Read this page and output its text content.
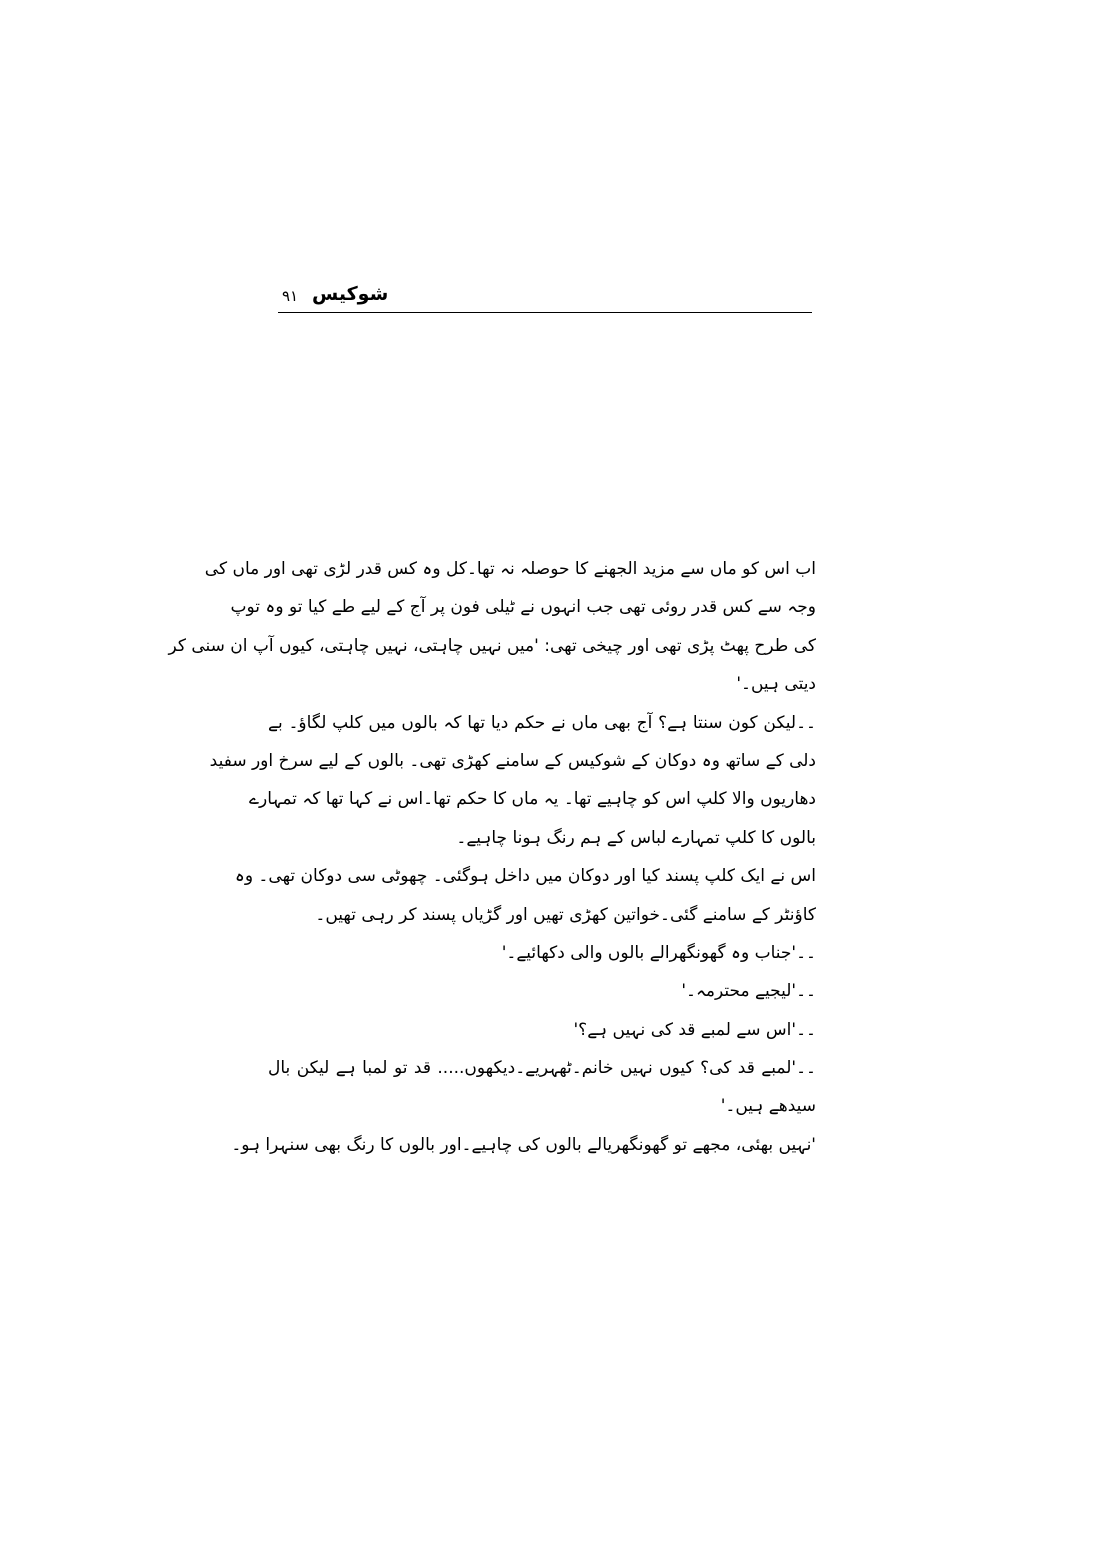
۹۱ شوکیس
اب اس کو ماں سے مزید الجھنے کا حوصلہ نہ تھا۔کل وہ کس قدر لڑی تھی اور ماں کی
وجہ سے کس قدر روئی تھی جب انہوں نے ٹیلی فون پر آج کے لیے طے کیا تو وہ توپ
کی طرح پھٹ پڑی تھی اور چیخی تھی: 'میں نہیں چاہتی، نہیں چاہتی، کیوں آپ ان سنی کر
دیتی ہیں۔'
۔۔لیکن کون سنتا ہے؟ آج بھی ماں نے حکم دیا تھا کہ بالوں میں کلپ لگاؤ۔ بے
دلی کے ساتھ وہ دوکان کے شوکیس کے سامنے کھڑی تھی۔ بالوں کے لیے سرخ اور سفید
دھاریوں والا کلپ اس کو چاہیے تھا۔ یہ ماں کا حکم تھا۔اس نے کہا تھا کہ تمہارے
بالوں کا کلپ تمہارے لباس کے ہم رنگ ہونا چاہیے۔
اس نے ایک کلپ پسند کیا اور دوکان میں داخل ہوگئی۔ چھوٹی سی دوکان تھی۔ وہ
کاؤنٹر کے سامنے گئی۔خواتین کھڑی تھیں اور گڑیاں پسند کر رہی تھیں۔
۔۔'جناب وہ گھونگھرالے بالوں والی دکھائیے۔'
۔۔'لیجیے محترمہ۔'
۔۔'اس سے لمبے قد کی نہیں ہے؟'
۔۔'لمبے قد کی؟ کیوں نہیں خانم۔ٹھہریے۔دیکھوں..... قد تو لمبا ہے لیکن بال
سیدھے ہیں۔'
'نہیں بھئی، مجھے تو گھونگھریالے بالوں کی چاہیے۔اور بالوں کا رنگ بھی سنہرا ہو۔
